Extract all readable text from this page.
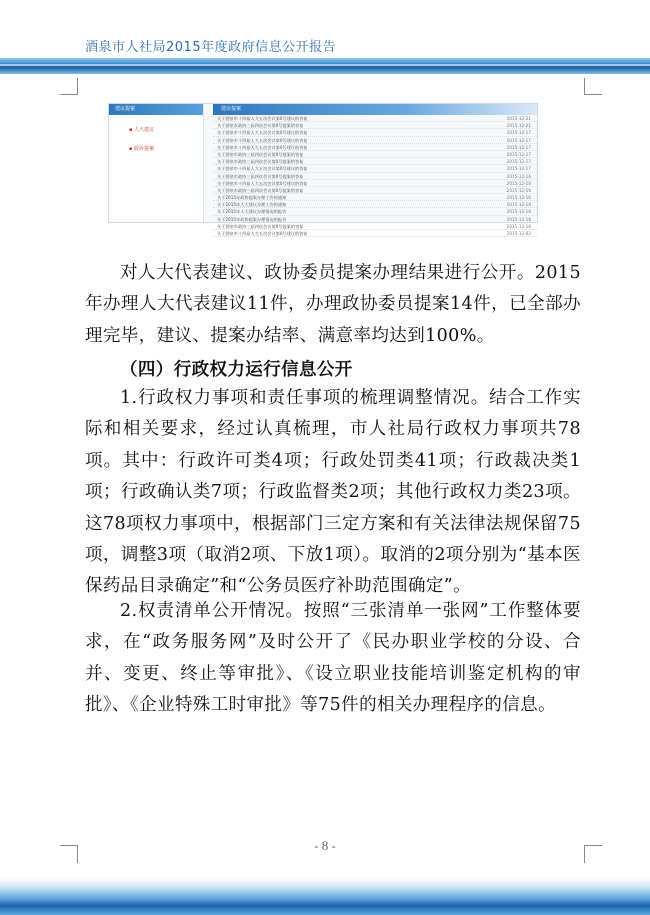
酒泉市人社局2015年度政府信息公开报告
建议提案
▪ 人大建议
▪ 政协提案
建议提案
关于酒泉市十四届人大五次会议第0号建议的答复	2015-12-21
关于酒泉市政协三届四次会议第0号提案的答复	2015-12-21
关于酒泉市十四届人大五次会议第0号建议的答复	2015-12-17
关于酒泉市十四届人大五次会议第0号建议的答复	2015-12-17
关于酒泉市十四届人大五次会议第0号建议的答复	2015-12-17
关于酒泉市政协三届四次会议第0号提案的答复	2015-12-17
关于酒泉市政协三届四次会议第0号提案的答复	2015-12-17
关于酒泉市十四届人大五次会议第0号建议的答复	2015-12-17
关于酒泉市政协三届四次会议第0号提案的答复	2015-12-16
关于酒泉市十四届人大五次会议第0号建议的答复	2015-12-16
关于酒泉市政协三届四次会议第0号提案的答复	2015-12-16
关于2015年政协提案办理工作的通知	2015-12-16
关于2015年人大建议办理工作的通知	2015-12-16
关于2015年人大建议办理情况的报告	2015-12-16
关于2015年政协提案办理情况的报告	2015-12-16
关于酒泉市政协三届四次会议第0号提案的答复	2015-12-16
关于酒泉市十四届人大五次会议第0号建议的答复	2015-12-02
对人大代表建议、政协委员提案办理结果进行公开。2015年办理人大代表建议11件，办理政协委员提案14件，已全部办理完毕，建议、提案办结率、满意率均达到100%。
（四）行政权力运行信息公开
1.行政权力事项和责任事项的梳理调整情况。结合工作实际和相关要求，经过认真梳理，市人社局行政权力事项共78项。其中：行政许可类4项；行政处罚类41项；行政裁决类1项；行政确认类7项；行政监督类2项；其他行政权力类23项。这78项权力事项中，根据部门三定方案和有关法律法规保留75项，调整3项（取消2项、下放1项）。取消的2项分别为“基本医保药品目录确定”和“公务员医疗补助范围确定”。
2.权责清单公开情况。按照“三张清单一张网”工作整体要求，在“政务服务网”及时公开了《民办职业学校的分设、合并、变更、终止等审批》、《设立职业技能培训鉴定机构的审批》、《企业特殊工时审批》等75件的相关办理程序的信息。
- 8 -
